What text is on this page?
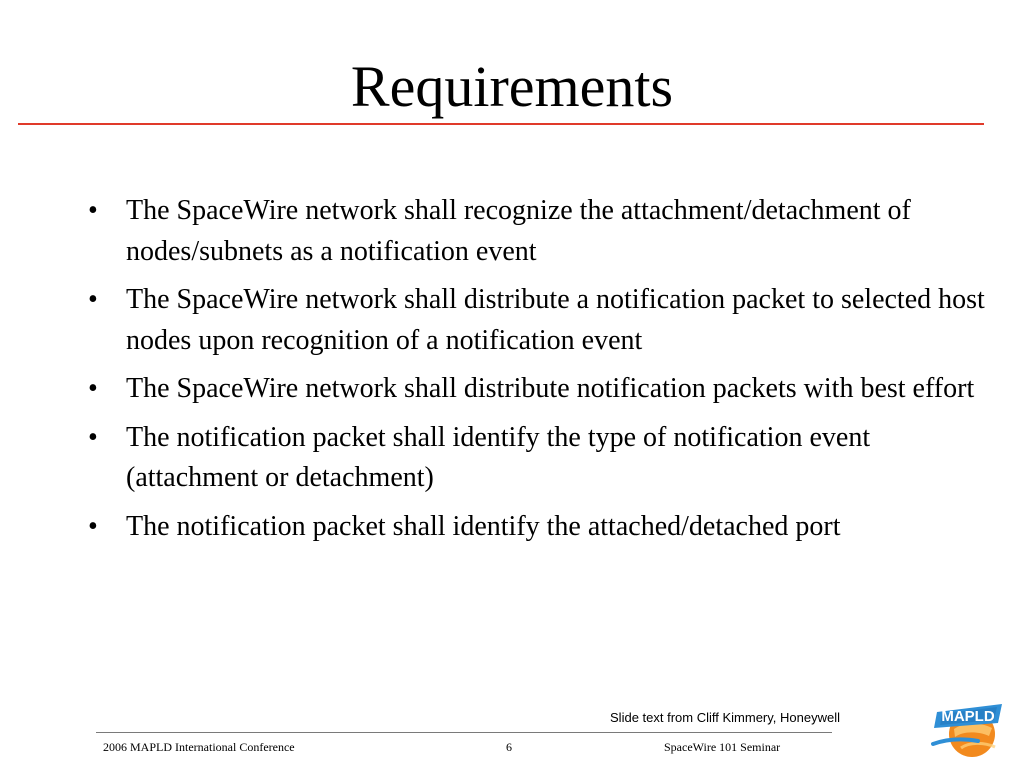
Requirements
•	The SpaceWire network shall recognize the attachment/detachment of nodes/subnets as a notification event
•	The SpaceWire network shall distribute a notification packet to selected host nodes upon recognition of a notification event
•	The SpaceWire network shall distribute notification packets with best effort
•	The notification packet shall identify the type of notification event (attachment or detachment)
•	The notification packet shall identify the attached/detached port
Slide text from Cliff Kimmery, Honeywell
2006 MAPLD International Conference	6	SpaceWire 101 Seminar
MAPLD
